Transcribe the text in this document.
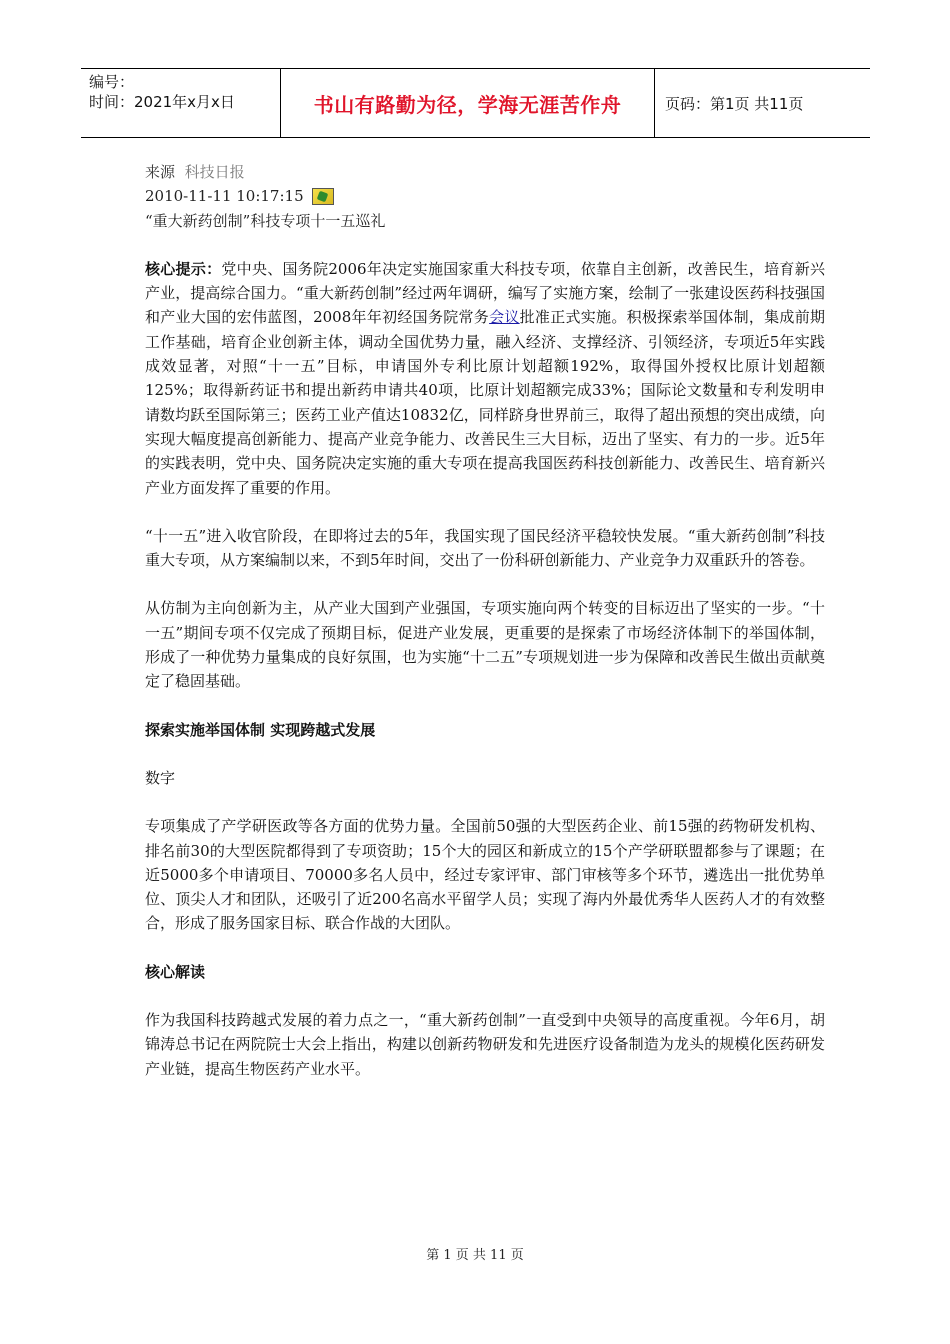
编号：
时间：2021年x月x日	书山有路勤为径，学海无涯苦作舟	页码：第1页 共11页
来源 科技日报
2010-11-11 10:17:15
“重大新药创制”科技专项十一五巡礼

核心提示：党中央、国务院2006年决定实施国家重大科技专项，依靠自主创新，改善民生，培育新兴产业，提高综合国力。“重大新药创制”经过两年调研，编写了实施方案，绘制了一张建设医药科技强国和产业大国的宏伟蓝图，2008年年初经国务院常务会议批准正式实施。积极探索举国体制，集成前期工作基础，培育企业创新主体，调动全国优势力量，融入经济、支撑经济、引领经济，专项近5年实践成效显著，对照“十一五”目标，申请国外专利比原计划超额192%，取得国外授权比原计划超额125%；取得新药证书和提出新药申请共40项，比原计划超额完成33%；国际论文数量和专利发明申请数均跃至国际第三；医药工业产值达10832亿，同样跻身世界前三，取得了超出预想的突出成绩，向实现大幅度提高创新能力、提高产业竞争能力、改善民生三大目标，迈出了坚实、有力的一步。近5年的实践表明，党中央、国务院决定实施的重大专项在提高我国医药科技创新能力、改善民生、培育新兴产业方面发挥了重要的作用。

“十一五”进入收官阶段，在即将过去的5年，我国实现了国民经济平稳较快发展。“重大新药创制”科技重大专项，从方案编制以来，不到5年时间，交出了一份科研创新能力、产业竞争力双重跃升的答卷。

从仿制为主向创新为主，从产业大国到产业强国，专项实施向两个转变的目标迈出了坚实的一步。“十一五”期间专项不仅完成了预期目标，促进产业发展，更重要的是探索了市场经济体制下的举国体制，形成了一种优势力量集成的良好氛围，也为实施“十二五”专项规划进一步为保障和改善民生做出贡献奠定了稳固基础。

探索实施举国体制 实现跨越式发展

数字

专项集成了产学研医政等各方面的优势力量。全国前50强的大型医药企业、前15强的药物研发机构、排名前30的大型医院都得到了专项资助；15个大的园区和新成立的15个产学研联盟都参与了课题；在近5000多个申请项目、70000多名人员中，经过专家评审、部门审核等多个环节，遴选出一批优势单位、顶尖人才和团队，还吸引了近200名高水平留学人员；实现了海内外最优秀华人医药人才的有效整合，形成了服务国家目标、联合作战的大团队。

核心解读

作为我国科技跨越式发展的着力点之一，“重大新药创制”一直受到中央领导的高度重视。今年6月，胡锦涛总书记在两院院士大会上指出，构建以创新药物研发和先进医疗设备制造为龙头的规模化医药研发产业链，提高生物医药产业水平。

第 1 页 共 11 页
